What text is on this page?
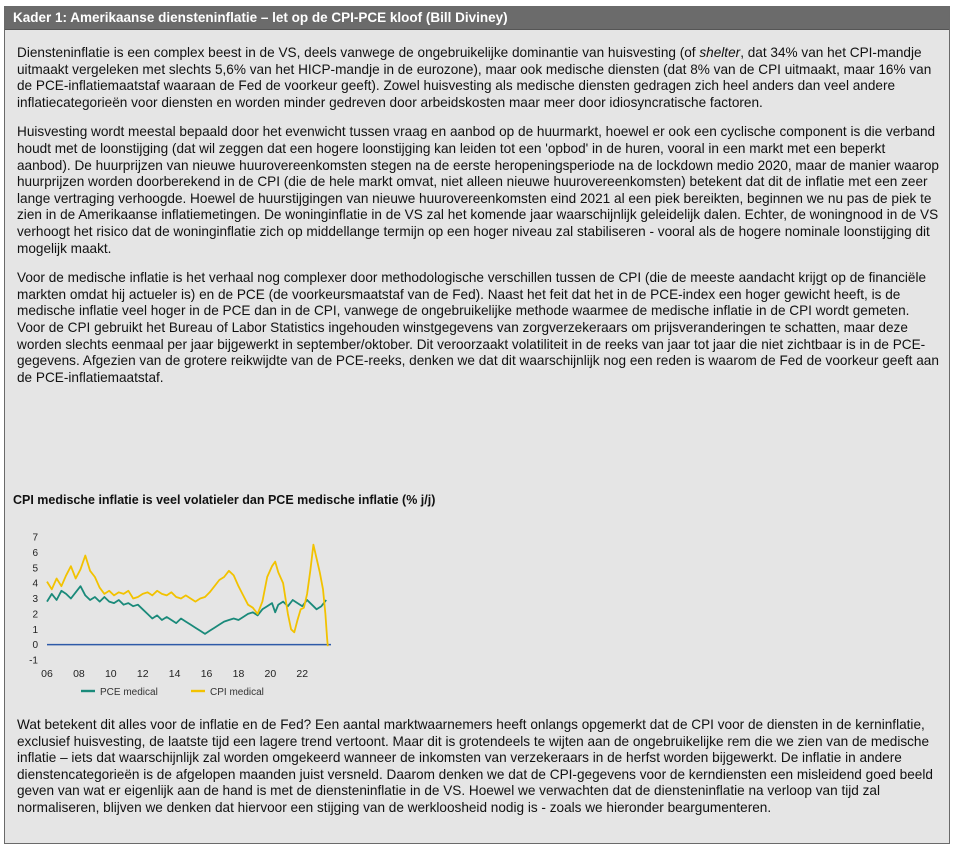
Kader 1: Amerikaanse diensteninflatie – let op de CPI-PCE kloof (Bill Diviney)

Diensteninflatie is een complex beest in de VS, deels vanwege de ongebruikelijke dominantie van huisvesting (of shelter, dat 34% van het CPI-mandje uitmaakt vergeleken met slechts 5,6% van het HICP-mandje in de eurozone), maar ook medische diensten (dat 8% van de CPI uitmaakt, maar 16% van de PCE-inflatiemaatstaf waaraan de Fed de voorkeur geeft). Zowel huisvesting als medische diensten gedragen zich heel anders dan veel andere inflatiecategorieën voor diensten en worden minder gedreven door arbeidskosten maar meer door idiosyncratische factoren.

Huisvesting wordt meestal bepaald door het evenwicht tussen vraag en aanbod op de huurmarkt, hoewel er ook een cyclische component is die verband houdt met de loonstijging (dat wil zeggen dat een hogere loonstijging kan leiden tot een 'opbod' in de huren, vooral in een markt met een beperkt aanbod). De huurprijzen van nieuwe huurovereenkomsten stegen na de eerste heropeningsperiode na de lockdown medio 2020, maar de manier waarop huurprijzen worden doorberekend in de CPI (die de hele markt omvat, niet alleen nieuwe huurovereenkomsten) betekent dat dit de inflatie met een zeer lange vertraging verhoogde. Hoewel de huurstijgingen van nieuwe huurovereenkomsten eind 2021 al een piek bereikten, beginnen we nu pas de piek te zien in de Amerikaanse inflatiemetingen. De woninginflatie in de VS zal het komende jaar waarschijnlijk geleidelijk dalen. Echter, de woningnood in de VS verhoogt het risico dat de woninginflatie zich op middellange termijn op een hoger niveau zal stabiliseren - vooral als de hogere nominale loonstijging dit mogelijk maakt.

Voor de medische inflatie is het verhaal nog complexer door methodologische verschillen tussen de CPI (die de meeste aandacht krijgt op de financiële markten omdat hij actueler is) en de PCE (de voorkeursmaatstaf van de Fed). Naast het feit dat het in de PCE-index een hoger gewicht heeft, is de medische inflatie veel hoger in de PCE dan in de CPI, vanwege de ongebruikelijke methode waarmee de medische inflatie in de CPI wordt gemeten. Voor de CPI gebruikt het Bureau of Labor Statistics ingehouden winstgegevens van zorgverzekeraars om prijsveranderingen te schatten, maar deze worden slechts eenmaal per jaar bijgewerkt in september/oktober. Dit veroorzaakt volatiliteit in de reeks van jaar tot jaar die niet zichtbaar is in de PCE-gegevens. Afgezien van de grotere reikwijdte van de PCE-reeks, denken we dat dit waarschijnlijk nog een reden is waarom de Fed de voorkeur geeft aan de PCE-inflatiemaatstaf.

CPI medische inflatie is veel volatieler dan PCE medische inflatie (% j/j)
7
6
5
4
3
2
1
0
-1
06 08 10 12 14 16 18 20 22
PCE medical	CPI medical

Wat betekent dit alles voor de inflatie en de Fed? Een aantal marktwaarnemers heeft onlangs opgemerkt dat de CPI voor de diensten in de kerninflatie, exclusief huisvesting, de laatste tijd een lagere trend vertoont. Maar dit is grotendeels te wijten aan de ongebruikelijke rem die we zien van de medische inflatie – iets dat waarschijnlijk zal worden omgekeerd wanneer de inkomsten van verzekeraars in de herfst worden bijgewerkt. De inflatie in andere dienstencategorieën is de afgelopen maanden juist versneld. Daarom denken we dat de CPI-gegevens voor de kerndiensten een misleidend goed beeld geven van wat er eigenlijk aan de hand is met de diensteninflatie in de VS. Hoewel we verwachten dat de diensteninflatie na verloop van tijd zal normaliseren, blijven we denken dat hiervoor een stijging van de werkloosheid nodig is - zoals we hieronder beargumenteren.
